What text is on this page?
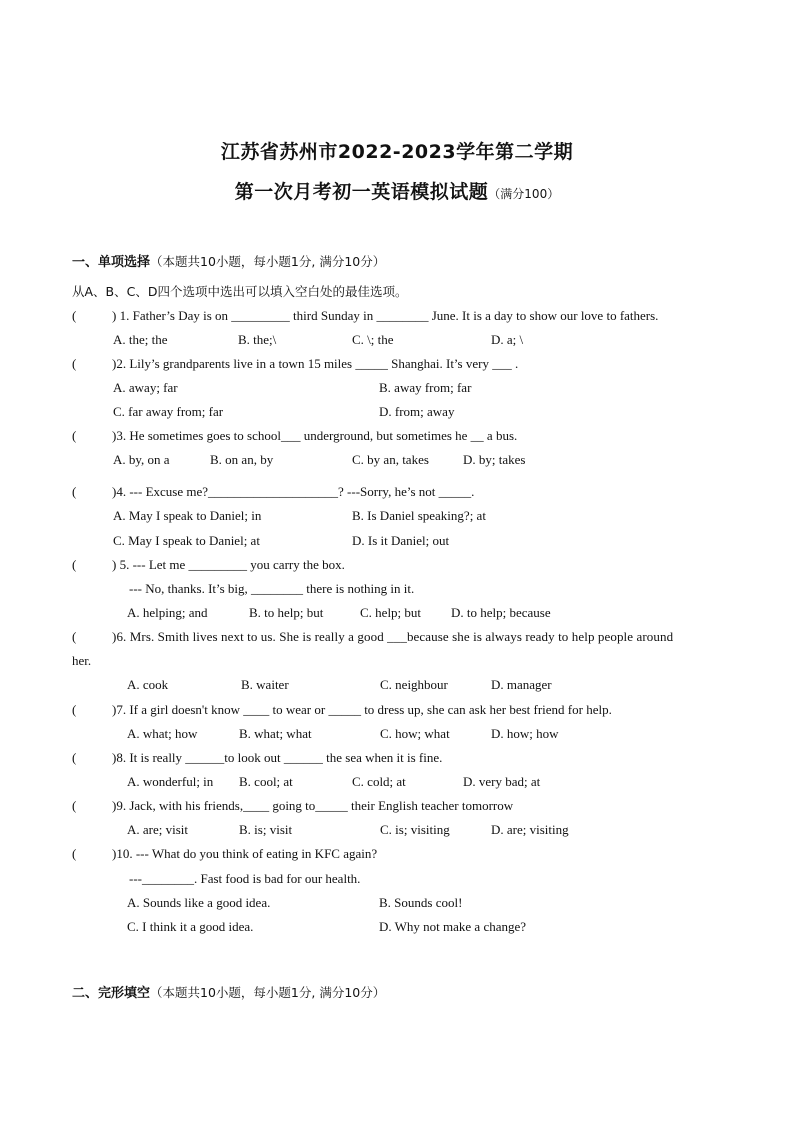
江苏省苏州市2022-2023学年第二学期
第一次月考初一英语模拟试题（满分100）
一、单项选择（本题共10小题，每小题1分, 满分10分）
从A、B、C、D四个选项中选出可以填入空白处的最佳选项。
(	) 1. Father’s Day is on _________ third Sunday in ________ June. It is a day to show our love to fathers.
A. the; the	B. the;\	C. \; the	D. a; \
(	)2. Lily’s grandparents live in a town 15 miles _____ Shanghai. It’s very ___ .
A. away; far	B. away from; far
C. far away from; far	D. from; away
(	)3. He sometimes goes to school___ underground, but sometimes he __ a bus.
A. by, on a	B. on an, by	C. by an, takes	D. by; takes
(	)4. --- Excuse me?____________________? ---Sorry, he’s not _____.
A. May I speak to Daniel; in	B. Is Daniel speaking?; at
C. May I speak to Daniel; at	D. Is it Daniel; out
(	) 5. --- Let me _________ you carry the box.
--- No, thanks. It’s big, ________ there is nothing in it.
A. helping; and	B. to help; but	C. help; but D. to help; because
(	)6. Mrs. Smith lives next to us. She is really a good ___because she is always ready to help people around
her.
A. cook	B. waiter	C. neighbour	D. manager
(	)7. If a girl doesn't know ____ to wear or _____ to dress up, she can ask her best friend for help.
A. what; how	B. what; what	C. how; what	D. how; how
(	)8. It is really ______to look out ______ the sea when it is fine.
A. wonderful; in B. cool; at	C. cold; at	D. very bad; at
(	)9. Jack, with his friends,____ going to_____ their English teacher tomorrow
A. are; visit	B. is; visit	C. is; visiting	D. are; visiting
(	)10. --- What do you think of eating in KFC again?
---________. Fast food is bad for our health.
A. Sounds like a good idea.	B. Sounds cool!
C. I think it a good idea.	D. Why not make a change?
二、完形填空（本题共10小题，每小题1分, 满分10分）
